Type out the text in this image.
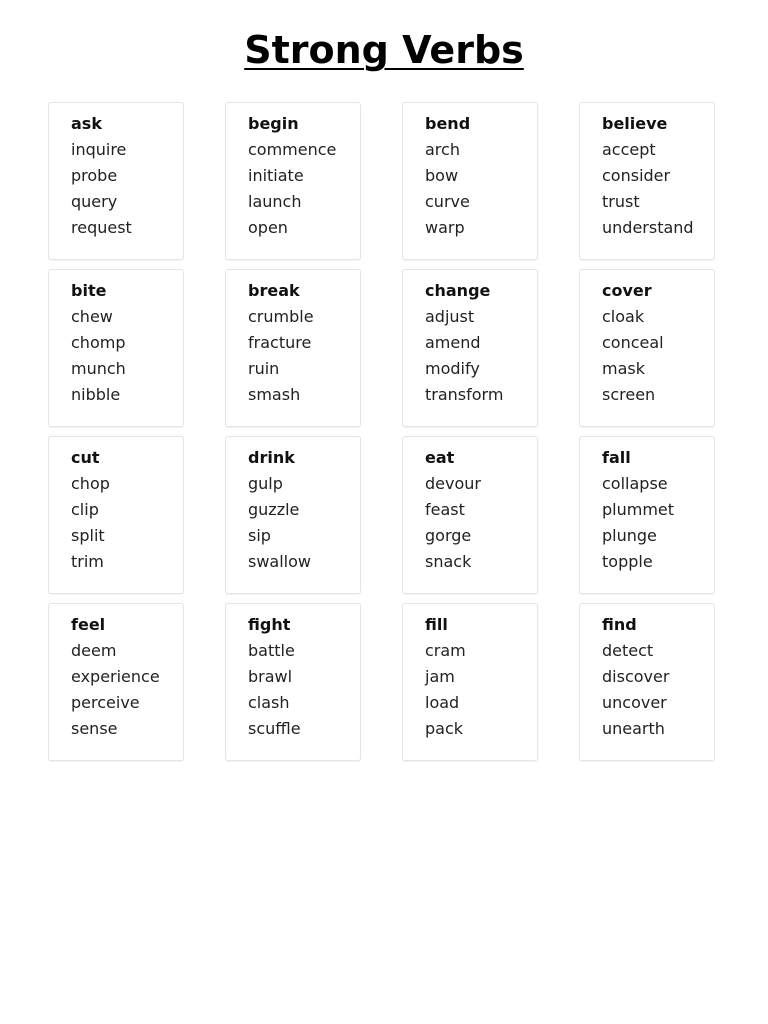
Strong Verbs
ask
inquire
probe
query
request
begin
commence
initiate
launch
open
bend
arch
bow
curve
warp
believe
accept
consider
trust
understand
bite
chew
chomp
munch
nibble
break
crumble
fracture
ruin
smash
change
adjust
amend
modify
transform
cover
cloak
conceal
mask
screen
cut
chop
clip
split
trim
drink
gulp
guzzle
sip
swallow
eat
devour
feast
gorge
snack
fall
collapse
plummet
plunge
topple
feel
deem
experience
perceive
sense
fight
battle
brawl
clash
scuffle
fill
cram
jam
load
pack
find
detect
discover
uncover
unearth
